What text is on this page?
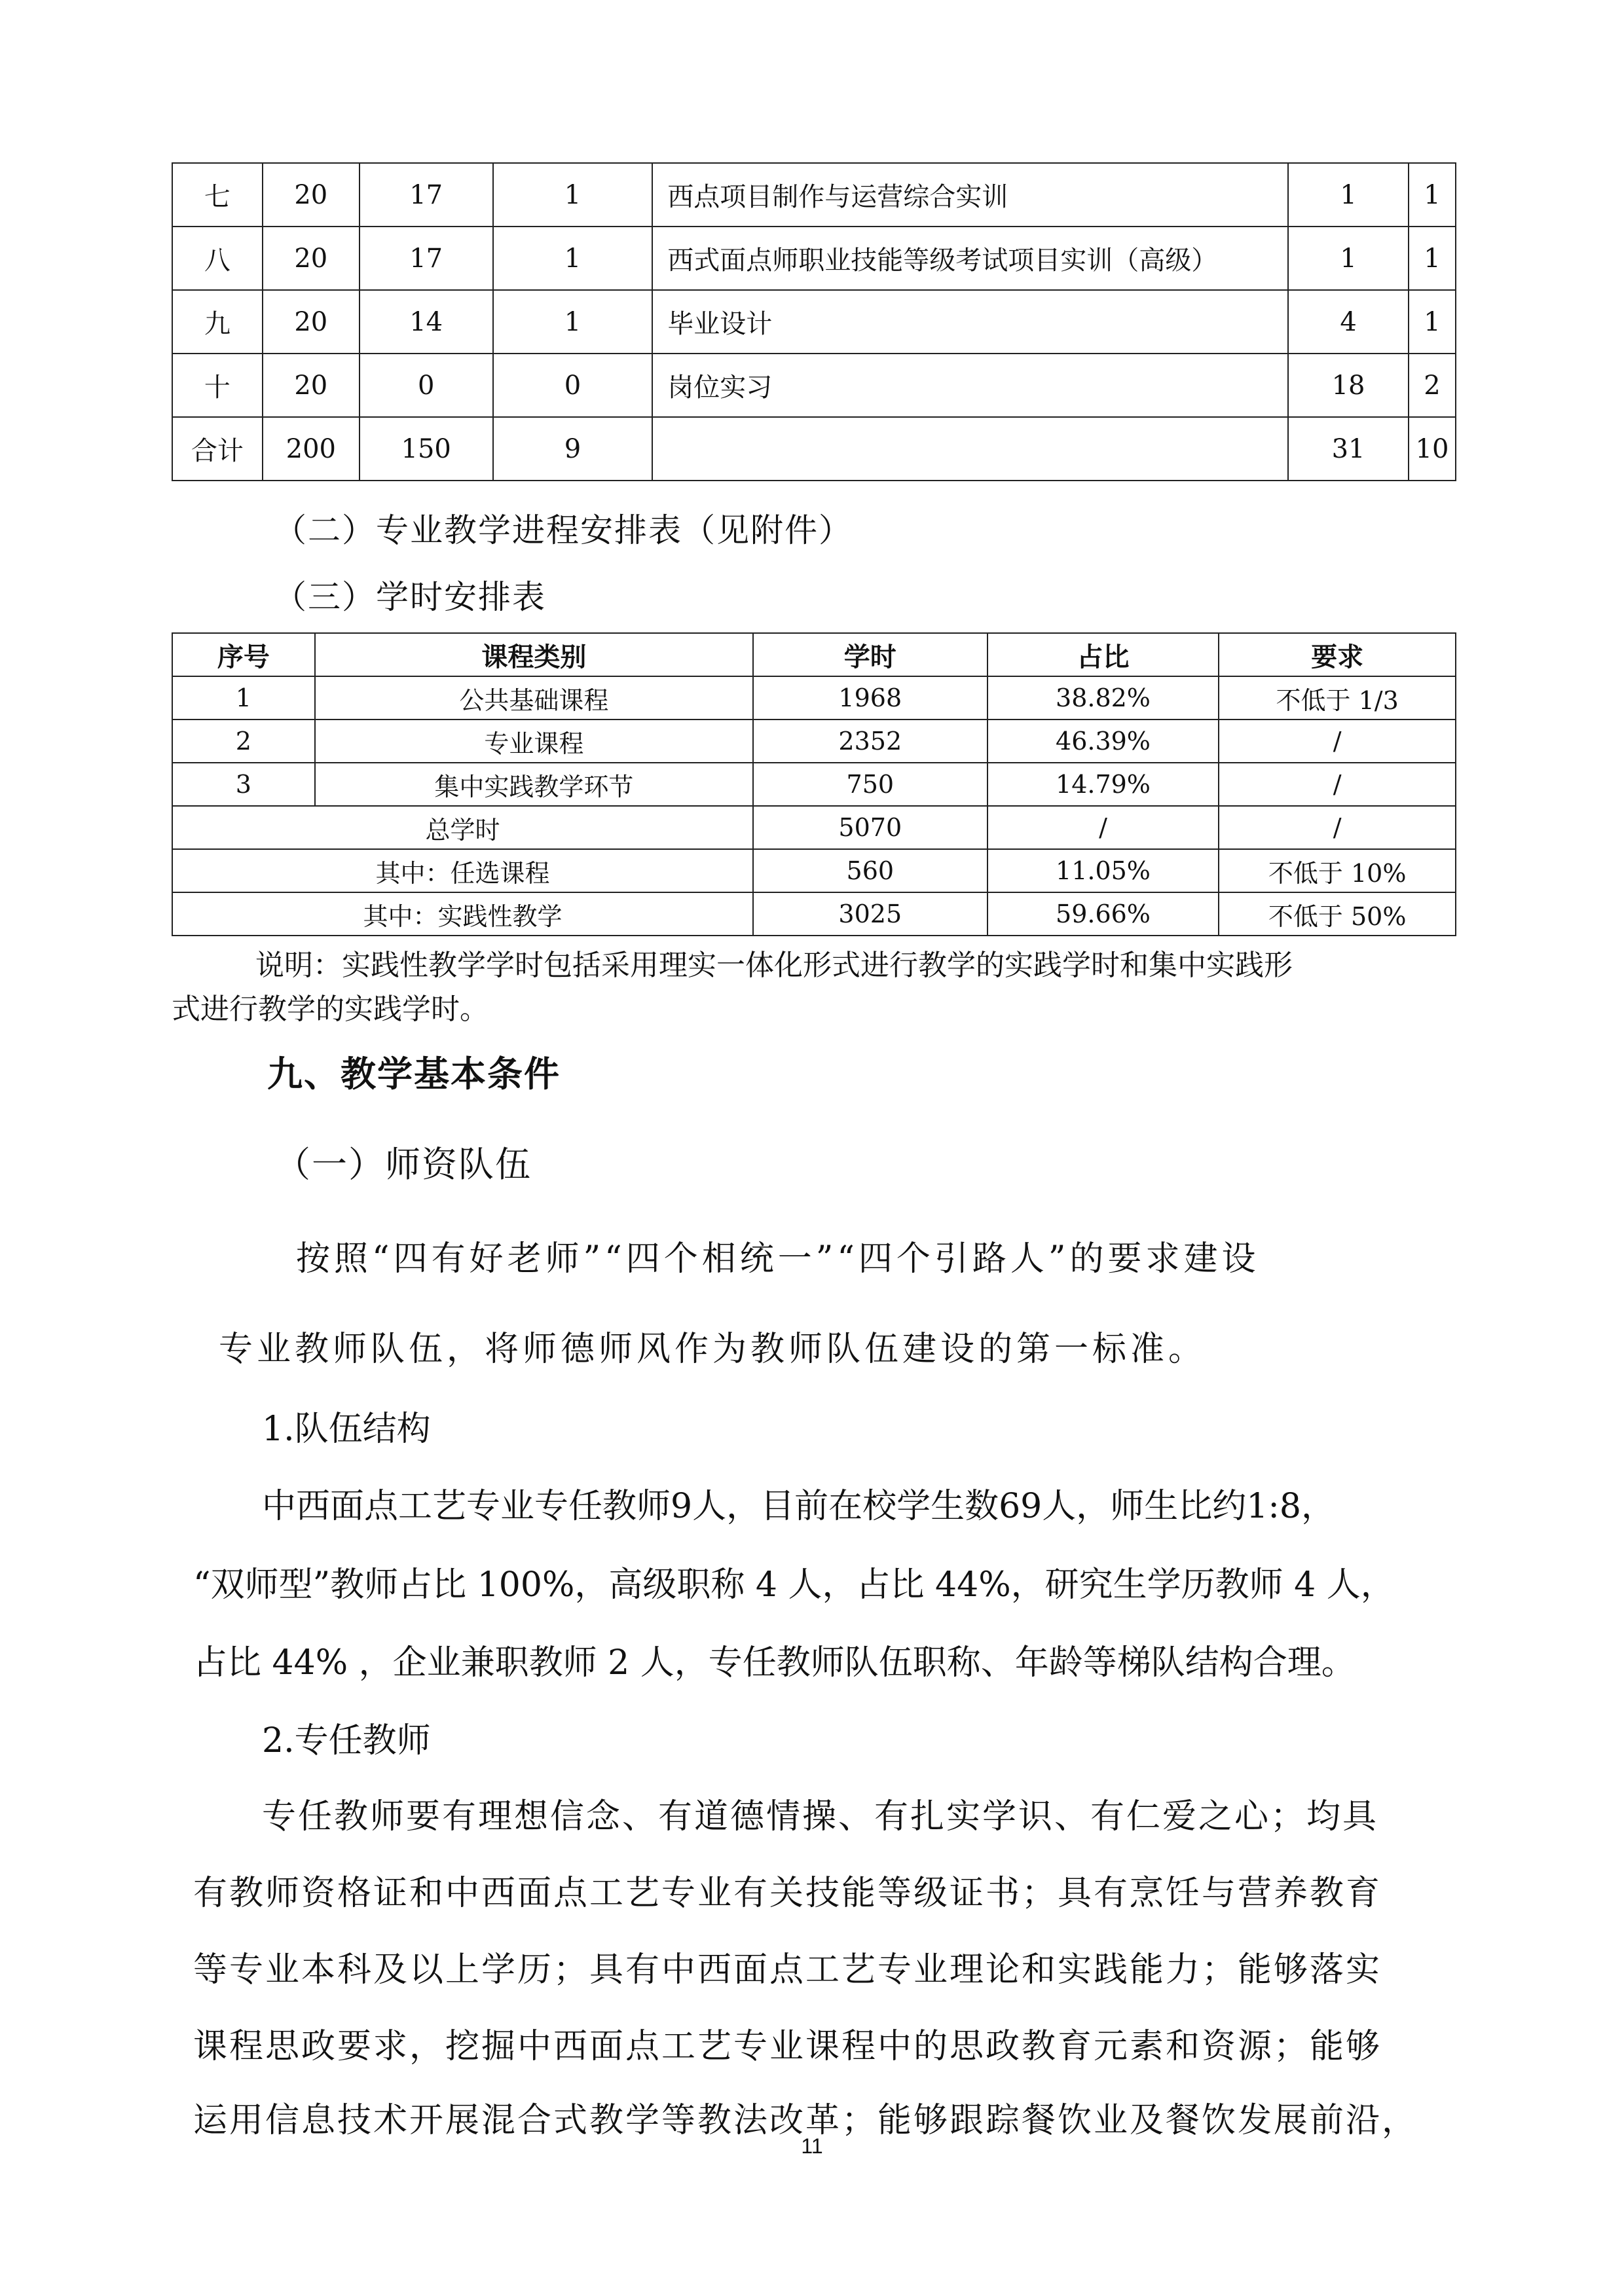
七	20	17	1	西点项目制作与运营综合实训	1	1
八	20	17	1	西式面点师职业技能等级考试项目实训（高级）	1	1
九	20	14	1	毕业设计	4	1
十	20	0	0	岗位实习	18	2
合计	200	150	9		31	10
（二）专业教学进程安排表（见附件）
（三）学时安排表
序号	课程类别	学时	占比	要求
1	公共基础课程	1968	38.82%	不低于 1/3
2	专业课程	2352	46.39%	/
3	集中实践教学环节	750	14.79%	/
总学时		5070	/	/
其中：任选课程		560	11.05%	不低于 10%
其中：实践性教学		3025	59.66%	不低于 50%
说明：实践性教学学时包括采用理实一体化形式进行教学的实践学时和集中实践形
式进行教学的实践学时。
九、教学基本条件
（一）师资队伍
按照“四有好老师”“四个相统一”“四个引路人”的要求建设
专业教师队伍，将师德师风作为教师队伍建设的第一标准。
1.队伍结构
中西面点工艺专业专任教师9人，目前在校学生数69人，师生比约1:8，
“双师型”教师占比 100%，高级职称 4 人，占比 44%，研究生学历教师 4 人，
占比 44% ，企业兼职教师 2 人，专任教师队伍职称、年龄等梯队结构合理。
2.专任教师
专任教师要有理想信念、有道德情操、有扎实学识、有仁爱之心；均具
有教师资格证和中西面点工艺专业有关技能等级证书；具有烹饪与营养教育
等专业本科及以上学历；具有中西面点工艺专业理论和实践能力；能够落实
课程思政要求，挖掘中西面点工艺专业课程中的思政教育元素和资源；能够
运用信息技术开展混合式教学等教法改革；能够跟踪餐饮业及餐饮发展前沿，
11
